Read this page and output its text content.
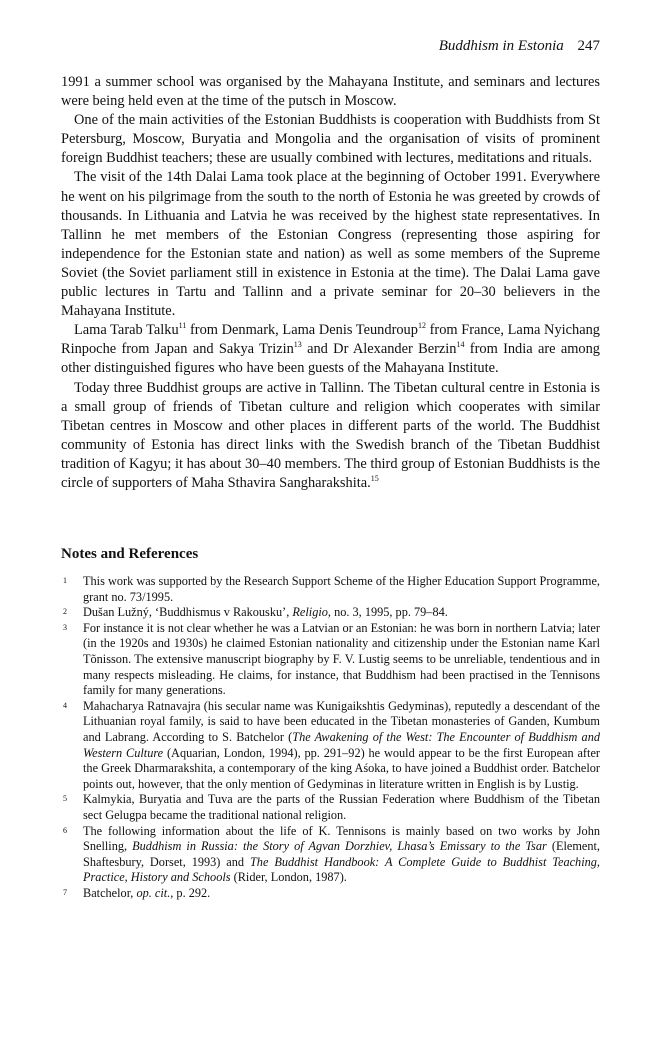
Buddhism in Estonia 247

1991 a summer school was organised by the Mahayana Institute, and seminars and lectures were being held even at the time of the putsch in Moscow.

One of the main activities of the Estonian Buddhists is cooperation with Buddhists from St Petersburg, Moscow, Buryatia and Mongolia and the organisation of visits of prominent foreign Buddhist teachers; these are usually combined with lectures, meditations and rituals.

The visit of the 14th Dalai Lama took place at the beginning of October 1991. Everywhere he went on his pilgrimage from the south to the north of Estonia he was greeted by crowds of thousands. In Lithuania and Latvia he was received by the highest state representatives. In Tallinn he met members of the Estonian Congress (representing those aspiring for independence for the Estonian state and nation) as well as some members of the Supreme Soviet (the Soviet parliament still in existence in Estonia at the time). The Dalai Lama gave public lectures in Tartu and Tallinn and a private seminar for 20–30 believers in the Mahayana Institute.

Lama Tarab Talku$^{11}$ from Denmark, Lama Denis Teundroup$^{12}$ from France, Lama Nyichang Rinpoche from Japan and Sakya Trizin$^{13}$ and Dr Alexander Berzin$^{14}$ from India are among other distinguished figures who have been guests of the Mahayana Institute.

Today three Buddhist groups are active in Tallinn. The Tibetan cultural centre in Estonia is a small group of friends of Tibetan culture and religion which cooperates with similar Tibetan centres in Moscow and other places in different parts of the world. The Buddhist community of Estonia has direct links with the Swedish branch of the Tibetan Buddhist tradition of Kagyu; it has about 30–40 members. The third group of Estonian Buddhists is the circle of supporters of Maha Sthavira Sangharakshita.$^{15}$

Notes and References
1	This work was supported by the Research Support Scheme of the Higher Education Support Programme, grant no. 73/1995.
2	Dušan Lužný, ‘Buddhismus v Rakousku’, Religio, no. 3, 1995, pp. 79–84.
3	For instance it is not clear whether he was a Latvian or an Estonian: he was born in northern Latvia; later (in the 1920s and 1930s) he claimed Estonian nationality and citizenship under the Estonian name Karl Tõnisson. The extensive manuscript biography by F. V. Lustig seems to be unreliable, tendentious and in many respects misleading. He claims, for instance, that Buddhism had been practised in the Tennisons family for many generations.
4	Mahacharya Ratnavajra (his secular name was Kunigaikshtis Gedyminas), reputedly a descendant of the Lithuanian royal family, is said to have been educated in the Tibetan monasteries of Ganden, Kumbum and Labrang. According to S. Batchelor (The Awakening of the West: The Encounter of Buddhism and Western Culture (Aquarian, London, 1994), pp. 291–92) he would appear to be the first European after the Greek Dharmarakshita, a contemporary of the king Aśoka, to have joined a Buddhist order. Batchelor points out, however, that the only mention of Gedyminas in literature written in English is by Lustig.
5	Kalmykia, Buryatia and Tuva are the parts of the Russian Federation where Buddhism of the Tibetan sect Gelugpa became the traditional national religion.
6	The following information about the life of K. Tennisons is mainly based on two works by John Snelling, Buddhism in Russia: the Story of Agvan Dorzhiev, Lhasa’s Emissary to the Tsar (Element, Shaftesbury, Dorset, 1993) and The Buddhist Handbook: A Complete Guide to Buddhist Teaching, Practice, History and Schools (Rider, London, 1987).
7	Batchelor, op. cit., p. 292.
